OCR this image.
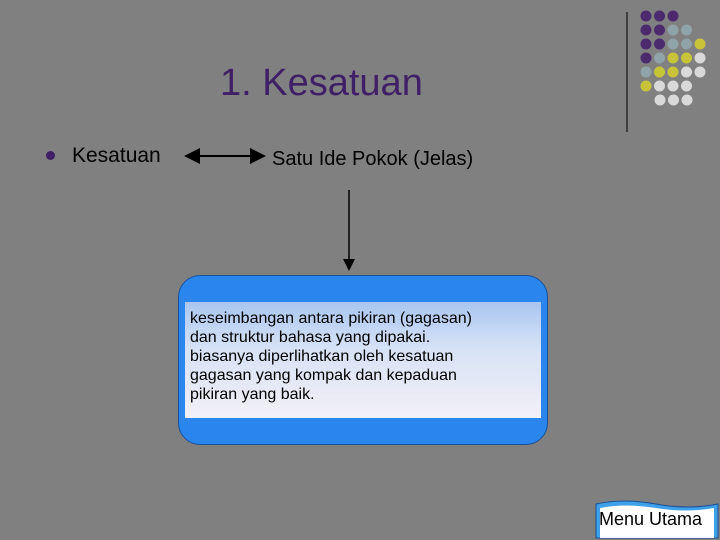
1. Kesatuan
Kesatuan	Satu Ide Pokok (Jelas)
keseimbangan antara pikiran (gagasan)
dan struktur bahasa yang dipakai.
biasanya diperlihatkan oleh kesatuan
gagasan yang kompak dan kepaduan
pikiran yang baik.
Menu Utama
